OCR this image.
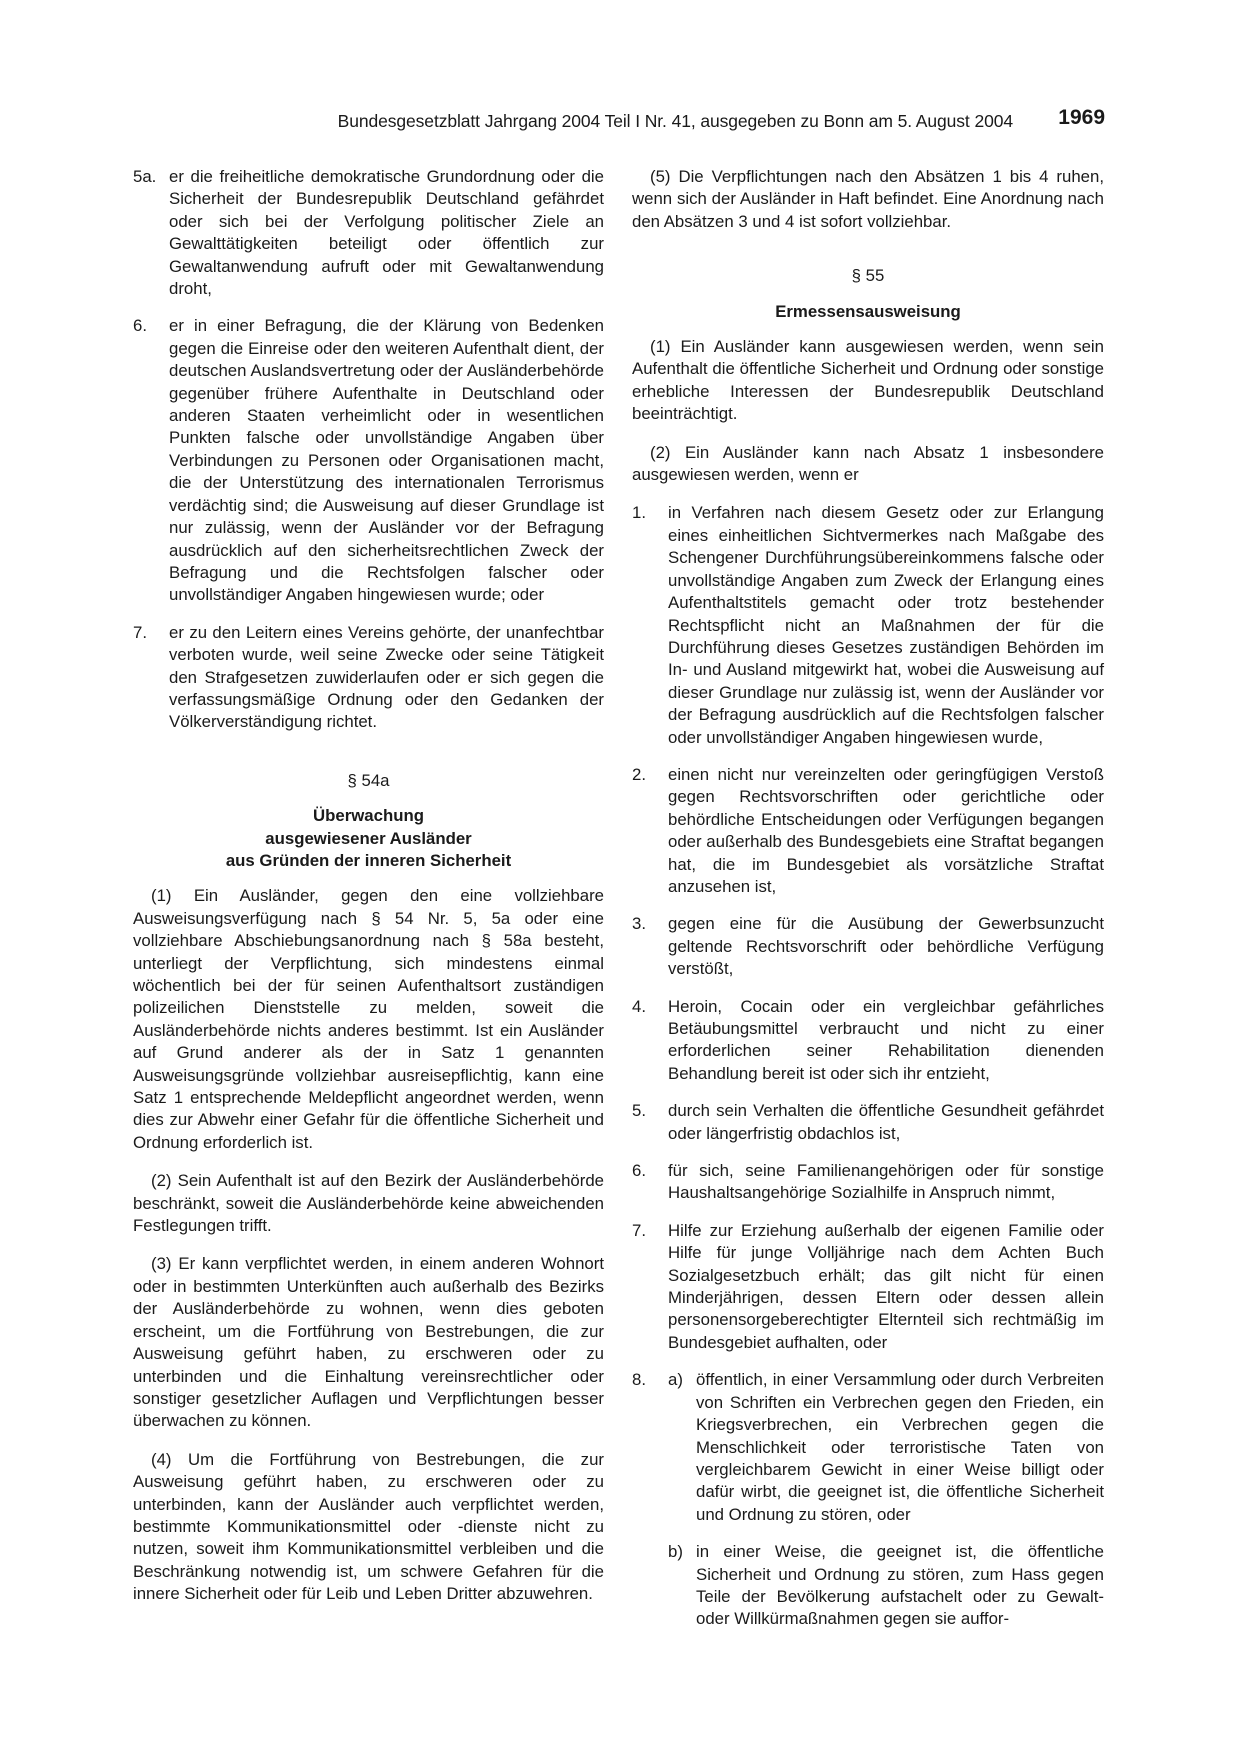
Bundesgesetzblatt Jahrgang 2004 Teil I Nr. 41, ausgegeben zu Bonn am 5. August 2004 1969
5a. er die freiheitliche demokratische Grundordnung oder die Sicherheit der Bundesrepublik Deutschland gefährdet oder sich bei der Verfolgung politischer Ziele an Gewalttätigkeiten beteiligt oder öffentlich zur Gewaltanwendung aufruft oder mit Gewaltanwendung droht,
6. er in einer Befragung, die der Klärung von Bedenken gegen die Einreise oder den weiteren Aufenthalt dient, der deutschen Auslandsvertretung oder der Ausländerbehörde gegenüber frühere Aufenthalte in Deutschland oder anderen Staaten verheimlicht oder in wesentlichen Punkten falsche oder unvollständige Angaben über Verbindungen zu Personen oder Organisationen macht, die der Unterstützung des internationalen Terrorismus verdächtig sind; die Ausweisung auf dieser Grundlage ist nur zulässig, wenn der Ausländer vor der Befragung ausdrücklich auf den sicherheitsrechtlichen Zweck der Befragung und die Rechtsfolgen falscher oder unvollständiger Angaben hingewiesen wurde; oder
7. er zu den Leitern eines Vereins gehörte, der unanfechtbar verboten wurde, weil seine Zwecke oder seine Tätigkeit den Strafgesetzen zuwiderlaufen oder er sich gegen die verfassungsmäßige Ordnung oder den Gedanken der Völkerverständigung richtet.
§ 54a
Überwachung
ausgewiesener Ausländer
aus Gründen der inneren Sicherheit

(1) Ein Ausländer, gegen den eine vollziehbare Ausweisungsverfügung nach § 54 Nr. 5, 5a oder eine vollziehbare Abschiebungsanordnung nach § 58a besteht, unterliegt der Verpflichtung, sich mindestens einmal wöchentlich bei der für seinen Aufenthaltsort zuständigen polizeilichen Dienststelle zu melden, soweit die Ausländerbehörde nichts anderes bestimmt. Ist ein Ausländer auf Grund anderer als der in Satz 1 genannten Ausweisungsgründe vollziehbar ausreisepflichtig, kann eine Satz 1 entsprechende Meldepflicht angeordnet werden, wenn dies zur Abwehr einer Gefahr für die öffentliche Sicherheit und Ordnung erforderlich ist.

(2) Sein Aufenthalt ist auf den Bezirk der Ausländerbehörde beschränkt, soweit die Ausländerbehörde keine abweichenden Festlegungen trifft.

(3) Er kann verpflichtet werden, in einem anderen Wohnort oder in bestimmten Unterkünften auch außerhalb des Bezirks der Ausländerbehörde zu wohnen, wenn dies geboten erscheint, um die Fortführung von Bestrebungen, die zur Ausweisung geführt haben, zu erschweren oder zu unterbinden und die Einhaltung vereinsrechtlicher oder sonstiger gesetzlicher Auflagen und Verpflichtungen besser überwachen zu können.

(4) Um die Fortführung von Bestrebungen, die zur Ausweisung geführt haben, zu erschweren oder zu unterbinden, kann der Ausländer auch verpflichtet werden, bestimmte Kommunikationsmittel oder -dienste nicht zu nutzen, soweit ihm Kommunikationsmittel verbleiben und die Beschränkung notwendig ist, um schwere Gefahren für die innere Sicherheit oder für Leib und Leben Dritter abzuwehren.

(5) Die Verpflichtungen nach den Absätzen 1 bis 4 ruhen, wenn sich der Ausländer in Haft befindet. Eine Anordnung nach den Absätzen 3 und 4 ist sofort vollziehbar.

§ 55
Ermessensausweisung

(1) Ein Ausländer kann ausgewiesen werden, wenn sein Aufenthalt die öffentliche Sicherheit und Ordnung oder sonstige erhebliche Interessen der Bundesrepublik Deutschland beeinträchtigt.

(2) Ein Ausländer kann nach Absatz 1 insbesondere ausgewiesen werden, wenn er

1. in Verfahren nach diesem Gesetz oder zur Erlangung eines einheitlichen Sichtvermerkes nach Maßgabe des Schengener Durchführungsübereinkommens falsche oder unvollständige Angaben zum Zweck der Erlangung eines Aufenthaltstitels gemacht oder trotz bestehender Rechtspflicht nicht an Maßnahmen der für die Durchführung dieses Gesetzes zuständigen Behörden im In- und Ausland mitgewirkt hat, wobei die Ausweisung auf dieser Grundlage nur zulässig ist, wenn der Ausländer vor der Befragung ausdrücklich auf die Rechtsfolgen falscher oder unvollständiger Angaben hingewiesen wurde,
2. einen nicht nur vereinzelten oder geringfügigen Verstoß gegen Rechtsvorschriften oder gerichtliche oder behördliche Entscheidungen oder Verfügungen begangen oder außerhalb des Bundesgebiets eine Straftat begangen hat, die im Bundesgebiet als vorsätzliche Straftat anzusehen ist,
3. gegen eine für die Ausübung der Gewerbsunzucht geltende Rechtsvorschrift oder behördliche Verfügung verstößt,
4. Heroin, Cocain oder ein vergleichbar gefährliches Betäubungsmittel verbraucht und nicht zu einer erforderlichen seiner Rehabilitation dienenden Behandlung bereit ist oder sich ihr entzieht,
5. durch sein Verhalten die öffentliche Gesundheit gefährdet oder längerfristig obdachlos ist,
6. für sich, seine Familienangehörigen oder für sonstige Haushaltsangehörige Sozialhilfe in Anspruch nimmt,
7. Hilfe zur Erziehung außerhalb der eigenen Familie oder Hilfe für junge Volljährige nach dem Achten Buch Sozialgesetzbuch erhält; das gilt nicht für einen Minderjährigen, dessen Eltern oder dessen allein personensorgeberechtigter Elternteil sich rechtmäßig im Bundesgebiet aufhalten, oder
8. a) öffentlich, in einer Versammlung oder durch Verbreiten von Schriften ein Verbrechen gegen den Frieden, ein Kriegsverbrechen, ein Verbrechen gegen die Menschlichkeit oder terroristische Taten von vergleichbarem Gewicht in einer Weise billigt oder dafür wirbt, die geeignet ist, die öffentliche Sicherheit und Ordnung zu stören, oder
b) in einer Weise, die geeignet ist, die öffentliche Sicherheit und Ordnung zu stören, zum Hass gegen Teile der Bevölkerung aufstachelt oder zu Gewalt- oder Willkürmaßnahmen gegen sie auffor-
